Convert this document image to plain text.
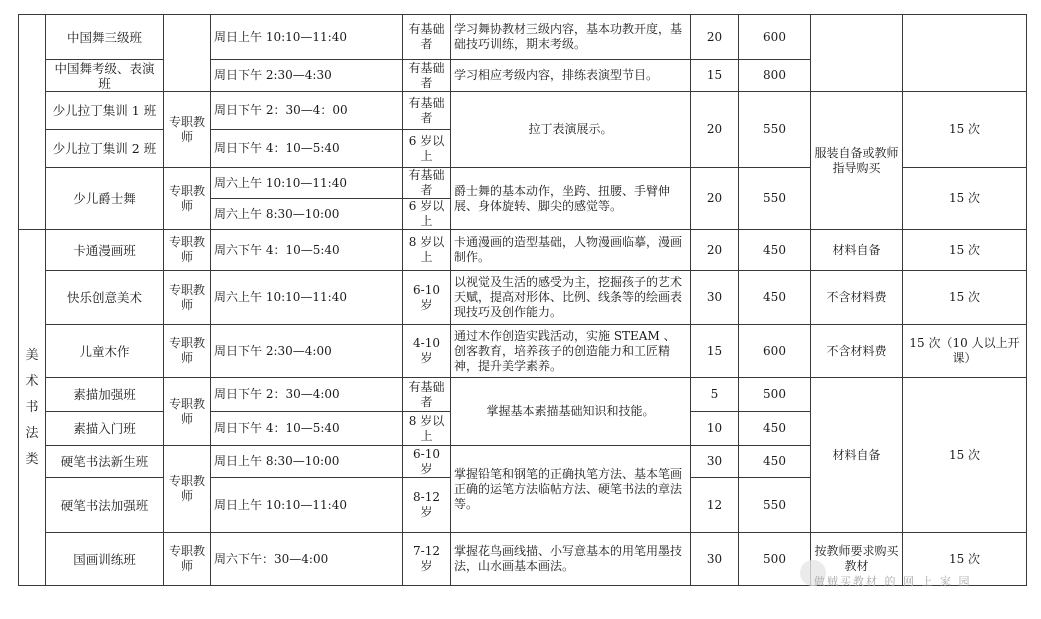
	中国舞三级班		周日上午 10:10—11:40	有基础者	学习舞协教材三级内容，基本功教开度，基础技巧训练，期末考级。	20	600		
	中国舞考级、表演班		周日下午 2:30—4:30	有基础者	学习相应考级内容，排练表演型节目。	15	800		
	少儿拉丁集训 1 班	专职教师	周日下午 2：30—4：00	有基础者	拉丁表演展示。	20	550	服装自备或教师指导购买	15 次
	少儿拉丁集训 2 班		周日下午 4：10—5:40	6 岁以上					
	少儿爵士舞	专职教师	周六上午 10:10—11:40	有基础者	爵士舞的基本动作，坐跨、扭腰、手臂伸展、身体旋转、脚尖的感觉等。	20	550		15 次
			周六上午 8:30—10:00	6 岁以上					
美术书法类	卡通漫画班	专职教师	周六下午 4：10—5:40	8 岁以上	卡通漫画的造型基础，人物漫画临摹，漫画制作。	20	450	材料自备	15 次
	快乐创意美术	专职教师	周六上午 10:10—11:40	6-10 岁	以视觉及生活的感受为主，挖掘孩子的艺术天赋，提高对形体、比例、线条等的绘画表现技巧及创作能力。	30	450	不含材料费	15 次
	儿童木作	专职教师	周日下午 2:30—4:00	4-10 岁	通过木作创造实践活动，实施 STEAM 、创客教育，培养孩子的创造能力和工匠精神，提升美学素养。	15	600	不含材料费	15 次（10 人以上开课）
	素描加强班	专职教师	周日下午 2：30—4:00	有基础者	掌握基本素描基础知识和技能。	5	500	材料自备	15 次
	素描入门班		周日下午 4：10—5:40	8 岁以上		10	450		
	硬笔书法新生班	专职教师	周日上午 8:30—10:00	6-10 岁	掌握铅笔和钢笔的正确执笔方法、基本笔画正确的运笔方法临帖方法、硬笔书法的章法等。	30	450		
	硬笔书法加强班		周日上午 10:10—11:40	8-12 岁		12	550		
	国画训练班	专职教师	周六下午：30—4:00	7-12 岁	掌握花鸟画线描、小写意基本的用笔用墨技法，山水画基本画法。	30	500	按教师要求购买教材	15 次
做贼买教材 的 网 上 家 园
